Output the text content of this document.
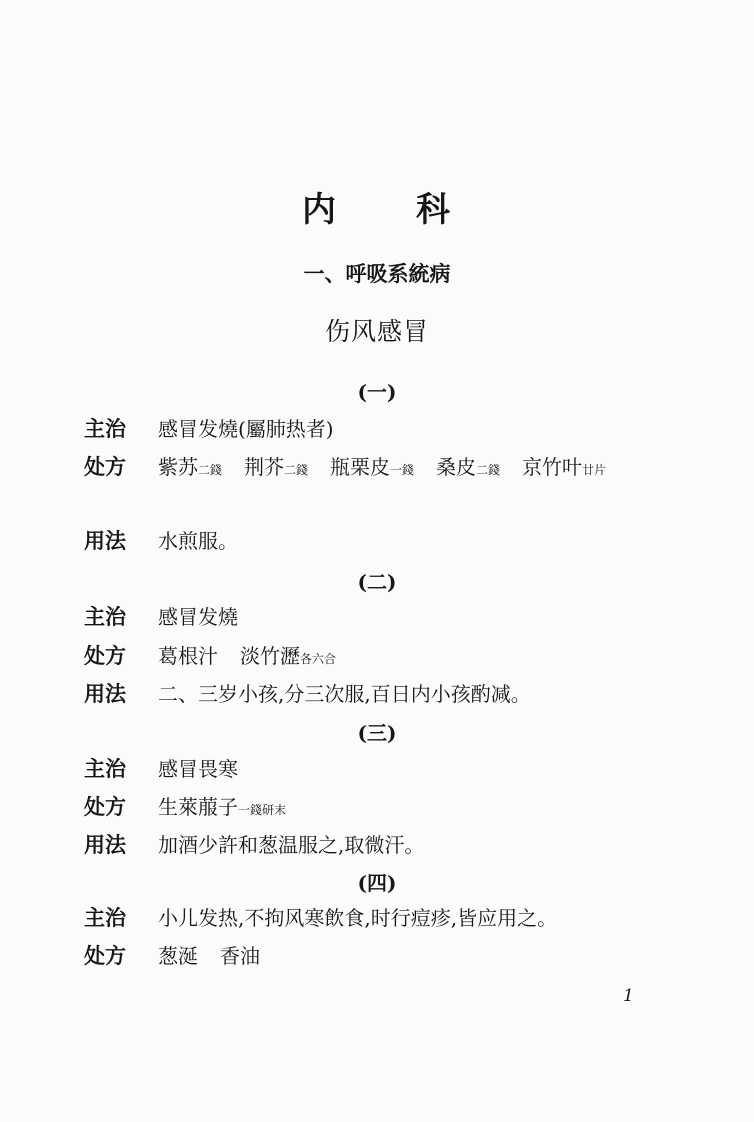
内 科
一、呼吸系統病
伤风感冒
(一)
主治 感冒发燒(屬肺热者)
处方 紫苏二錢 荆芥二錢 瓶栗皮一錢 桑皮二錢 京竹叶廿片
用法 水煎服。
(二)
主治 感冒发燒
处方 葛根汁 淡竹瀝各六合
用法 二、三岁小孩,分三次服,百日内小孩酌减。
(三)
主治 感冒畏寒
处方 生萊菔子一錢研末
用法 加酒少許和葱温服之,取微汗。
(四)
主治 小儿发热,不拘风寒飲食,时行痘疹,皆应用之。
处方 葱涎 香油
1
